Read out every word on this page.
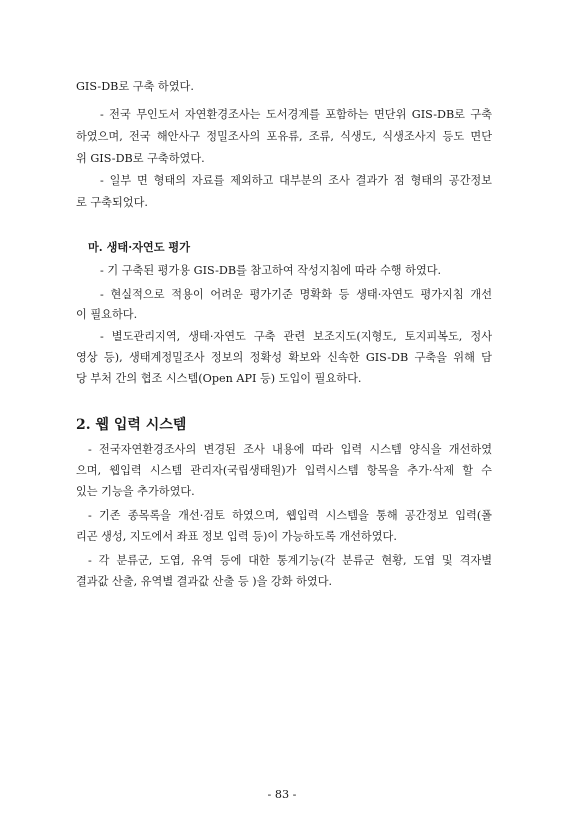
GIS-DB로 구축 하였다.
- 전국 무인도서 자연환경조사는 도서경계를 포함하는 면단위 GIS-DB로 구축
하였으며, 전국 해안사구 정밀조사의 포유류, 조류, 식생도, 식생조사지 등도 면단
위 GIS-DB로 구축하였다.
- 일부 면 형태의 자료를 제외하고 대부분의 조사 결과가 점 형태의 공간정보
로 구축되었다.
마. 생태·자연도 평가
- 기 구축된 평가용 GIS-DB를 참고하여 작성지침에 따라 수행 하였다.
- 현실적으로 적용이 어려운 평가기준 명확화 등 생태·자연도 평가지침 개선
이 필요하다.
- 별도관리지역, 생태·자연도 구축 관련 보조지도(지형도, 토지피복도, 정사
영상 등), 생태계정밀조사 정보의 정확성 확보와 신속한 GIS-DB 구축을 위해 담
당 부처 간의 협조 시스템(Open API 등) 도입이 필요하다.
2. 웹 입력 시스템
- 전국자연환경조사의 변경된 조사 내용에 따라 입력 시스템 양식을 개선하였
으며, 웹입력 시스템 관리자(국립생태원)가 입력시스템 항목을 추가·삭제 할 수
있는 기능을 추가하였다.
- 기존 종목록을 개선·검토 하였으며, 웹입력 시스템을 통해 공간정보 입력(폴
리곤 생성, 지도에서 좌표 정보 입력 등)이 가능하도록 개선하였다.
- 각 분류군, 도엽, 유역 등에 대한 통계기능(각 분류군 현황, 도엽 및 격자별
결과값 산출, 유역별 결과값 산출 등 )을 강화 하였다.
- 83 -
